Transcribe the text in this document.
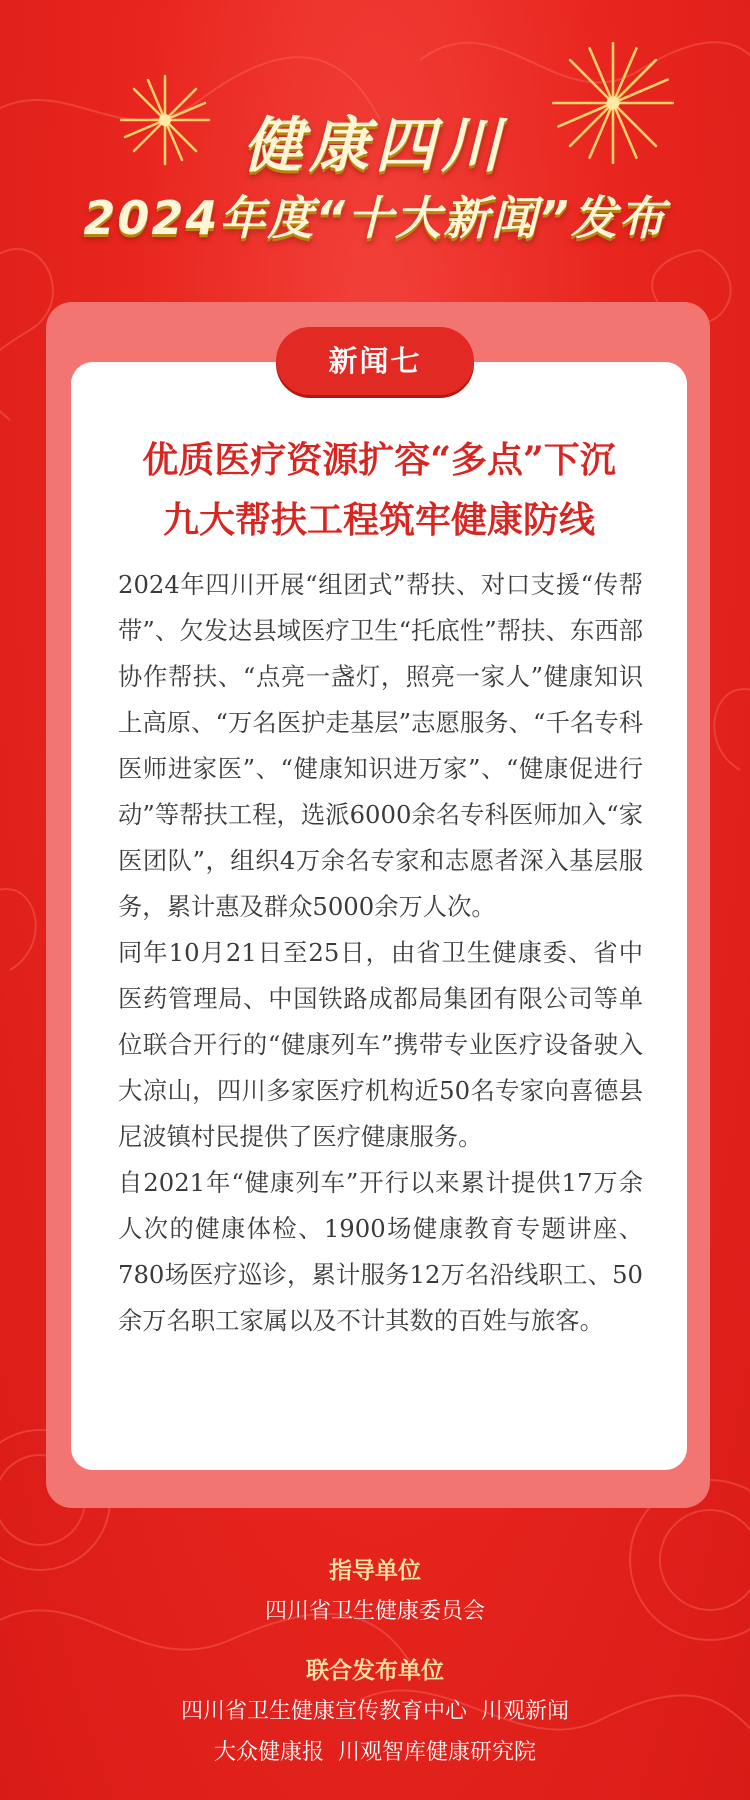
健康四川
2024年度“十大新闻”发布
新闻七
优质医疗资源扩容“多点”下沉
九大帮扶工程筑牢健康防线

2024年四川开展“组团式”帮扶、对口支援“传帮带”、欠发达县域医疗卫生“托底性”帮扶、东西部协作帮扶、“点亮一盏灯，照亮一家人”健康知识上高原、“万名医护走基层”志愿服务、“千名专科医师进家医”、“健康知识进万家”、“健康促进行动”等帮扶工程，选派6000余名专科医师加入“家医团队”，组织4万余名专家和志愿者深入基层服务，累计惠及群众5000余万人次。

同年10月21日至25日，由省卫生健康委、省中医药管理局、中国铁路成都局集团有限公司等单位联合开行的“健康列车”携带专业医疗设备驶入大凉山，四川多家医疗机构近50名专家向喜德县尼波镇村民提供了医疗健康服务。

自2021年“健康列车”开行以来累计提供17万余人次的健康体检、1900场健康教育专题讲座、780场医疗巡诊，累计服务12万名沿线职工、50余万名职工家属以及不计其数的百姓与旅客。

指导单位
四川省卫生健康委员会
联合发布单位
四川省卫生健康宣传教育中心  川观新闻
大众健康报  川观智库健康研究院
